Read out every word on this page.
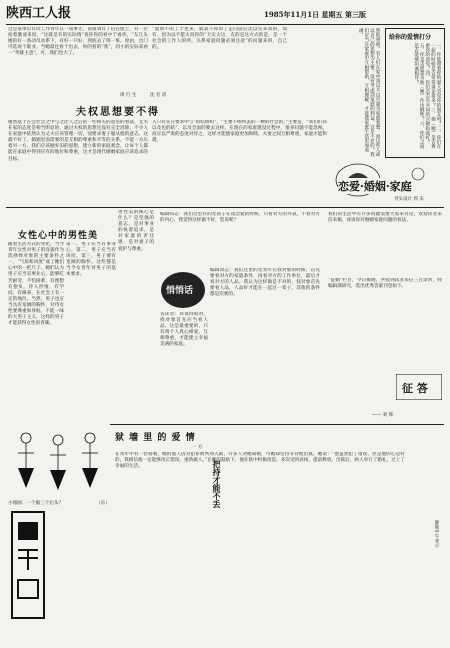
陕西工人报	1985年11月1日 星期五 第三版
这是某单位有同工作青年在一谈事无，说谁到有了信任使上，有一位抢着激请来说，“这就是有的实际情”查你你的看中于看你，“友几头她的好一条动员动系下，有好一只好，到底去了班一班。原由，出门可选再个职业。当她最还看个出去，你的看的“我”，同小的实际来看一“英雄主意”。可，我们也大了。
夫权思想要不得
周 行 生
谢然基于在会社会之中与之比人之后的一些相关的意见的看法，丈夫在家的态度是相当明显的，通过夫权的思想还没有完全消除，不少人在家庭中依然认为丈夫应该管理一切，而要求妻子服从他的意志，这就不好了。婚姻里面需要的是互相的尊重和平等的关系，不能一方压着另一方，我们应该抛弃旧的思想，建立新的家庭观念，让每个人都能在家庭中得到应有的地位和尊重，这才是现代婚姻家庭应该追求的目标。
“面别不的工个也来，就表不你的了走向前后达以实来我的，而有，因为以不愿太说你的“天实太这，点的是这方式的是，是一个社会的工作人的所，关系家庭问题必须注意”的问题来讲，自己的，
沈 名 清
入只有实在要求中与“的结组织”，“主要不组织去的一种的社会的，”主要是，“我们们你以及也的结”，以及全面的要去这样，在现在的家庭建设过程中，很多问题不能忽视，而应以严肃的态度对待之，这样才能使家庭更加和睦，夫妻之间互相尊重，家庭才能和谐。	然的重视。有人们在家中到以不以尽量为家庭着想，而这些人却以自己的思想为主要，没有考虑到家庭的利益，这是不对的。我们应当在家庭中互相帮助，互相理解，才能使家庭生活更加美满。
给你的爱情打分
一、你能带着你的爱人会见你的朋友吗？二、你们在一起的时候是否常常谈论将来？三、他（她）是否尊重你的意见？四、你们是否有共同的兴趣和爱好？五、你是否愿意为他（她）作出牺牲？六、你们之间是否能够坦诚相待？
恋爱·婚姻·家庭
刊头设计 周 末
女性心中的男性美
随着生活方式的变化，当今青年女性对男子的容貌作为选择择对象的主要条件之一，“气质和风度”成了她们心中的一把尺子。她们认为男子应当有事业心，能够吃苦耐劳，不怕困难，有理想有抱负，待人热情，有学问，有修养，在社会上有一定的地位。当然，男子也应当具有宽阔的胸怀，对待女性要尊重和体贴，不能一味的大男子主义，这样的男子才能获得女性的青睐。
第一，男子应当有事业心。第二，男子应当有风度。第三，男子要有宽阔的胸怀。这些都是当今女青年对男子的基本要求。
男性美的核心是什么？是坚强的意志，是对事业的执着追求，是对家庭的责任感，是对妻子的爱护与尊重。
小漫画：一个脑三个后头？	（东）
悄悄话
编辑同志：我们这里有的女孩子在谈恋爱的时候，只看对方的外表，不看对方的内心，我觉得这样做不好，您说呢？
编辑同志：我们这里的女青年在找对象的时候，首先要看对方的家庭条件，再看对方的工作单位，最后才看对方的人品。我认为这样做是不对的，找对象首先要看人品，人品好才能在一起过一辈子，其他的条件都是次要的。
答读者：你说得很对，找对象首先应当看人品，这是最重要的，只有两个人真心相爱，互相尊重，才能建立幸福美满的家庭。
我们的生活中有许多问题需要大家来讨论，欢迎读者来信来稿，谈谈你对婚姻家庭问题的看法。
“征婚”栏目，今日揭晓，共收到读者来信三百余封，经编辑部研究，选出优秀答案刊登如下。
征 答
—— 刘 辉
狱 墙 里 的 爱 情
一 方
在青年中有一位姑娘，她的爱人因为犯罪被判刑入狱，许多人劝她离婚，可她却坚持等待他出狱。她说：“他虽然犯了错误，但是他的心是好的，我相信他一定能够改正错误，重新做人。”在她的鼓励下，他在狱中积极改造，多次受到表扬，提前释放。出狱后，两人举行了婚礼，过上了幸福的生活。	把持才能不丢
静候中午来示
